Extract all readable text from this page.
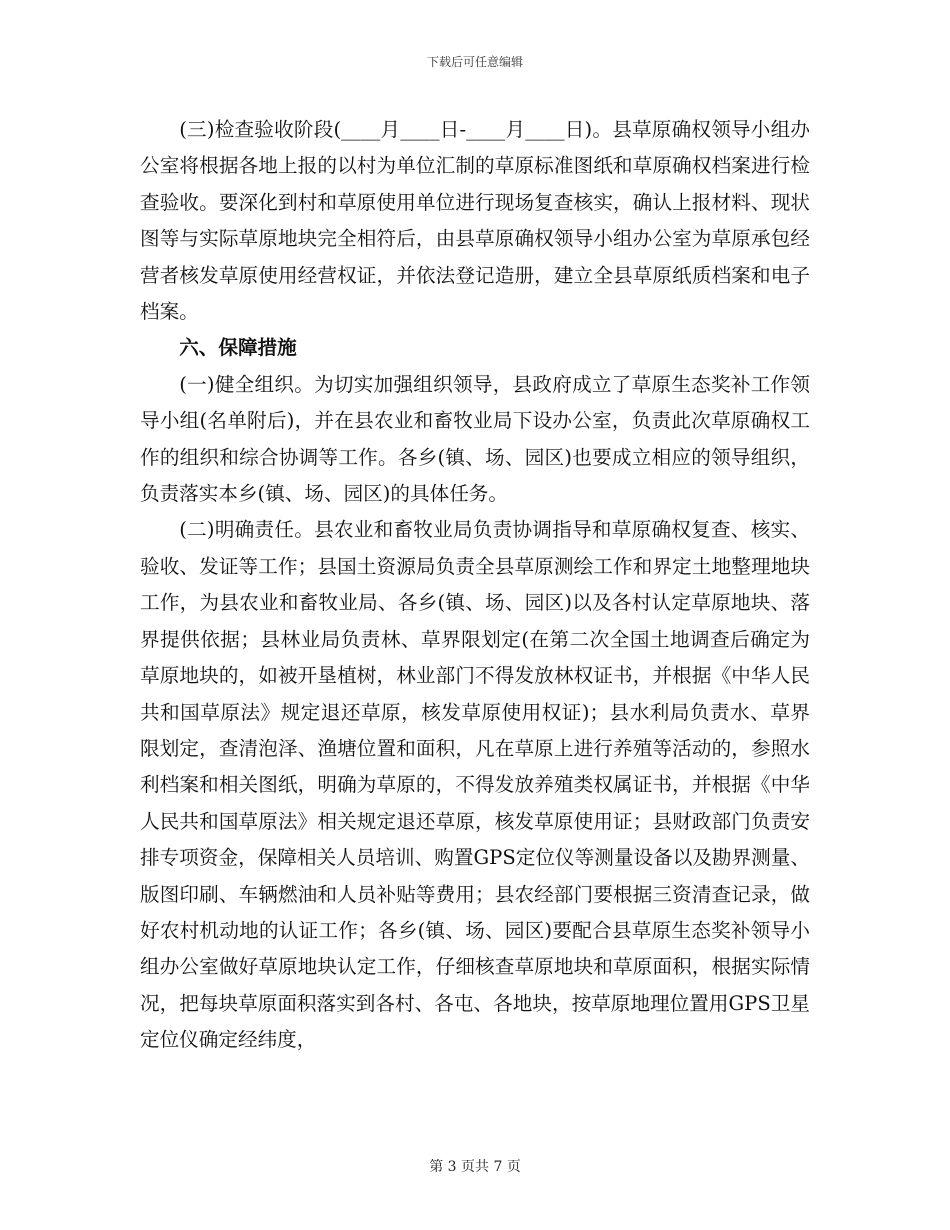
下载后可任意编辑

(三)检查验收阶段(____月____日-____月____日)。县草原确权领导小组办公室将根据各地上报的以村为单位汇制的草原标准图纸和草原确权档案进行检查验收。要深化到村和草原使用单位进行现场复查核实，确认上报材料、现状图等与实际草原地块完全相符后，由县草原确权领导小组办公室为草原承包经营者核发草原使用经营权证，并依法登记造册，建立全县草原纸质档案和电子档案。

六、保障措施

(一)健全组织。为切实加强组织领导，县政府成立了草原生态奖补工作领导小组(名单附后)，并在县农业和畜牧业局下设办公室，负责此次草原确权工作的组织和综合协调等工作。各乡(镇、场、园区)也要成立相应的领导组织，负责落实本乡(镇、场、园区)的具体任务。

(二)明确责任。县农业和畜牧业局负责协调指导和草原确权复查、核实、验收、发证等工作；县国土资源局负责全县草原测绘工作和界定土地整理地块工作，为县农业和畜牧业局、各乡(镇、场、园区)以及各村认定草原地块、落界提供依据；县林业局负责林、草界限划定(在第二次全国土地调查后确定为草原地块的，如被开垦植树，林业部门不得发放林权证书，并根据《中华人民共和国草原法》规定退还草原，核发草原使用权证)；县水利局负责水、草界限划定，查清泡泽、渔塘位置和面积，凡在草原上进行养殖等活动的，参照水利档案和相关图纸，明确为草原的，不得发放养殖类权属证书，并根据《中华人民共和国草原法》相关规定退还草原，核发草原使用证；县财政部门负责安排专项资金，保障相关人员培训、购置GPS定位仪等测量设备以及勘界测量、版图印刷、车辆燃油和人员补贴等费用；县农经部门要根据三资清查记录，做好农村机动地的认证工作；各乡(镇、场、园区)要配合县草原生态奖补领导小组办公室做好草原地块认定工作，仔细核查草原地块和草原面积，根据实际情况，把每块草原面积落实到各村、各屯、各地块，按草原地理位置用GPS卫星定位仪确定经纬度，

第 3 页共 7 页
